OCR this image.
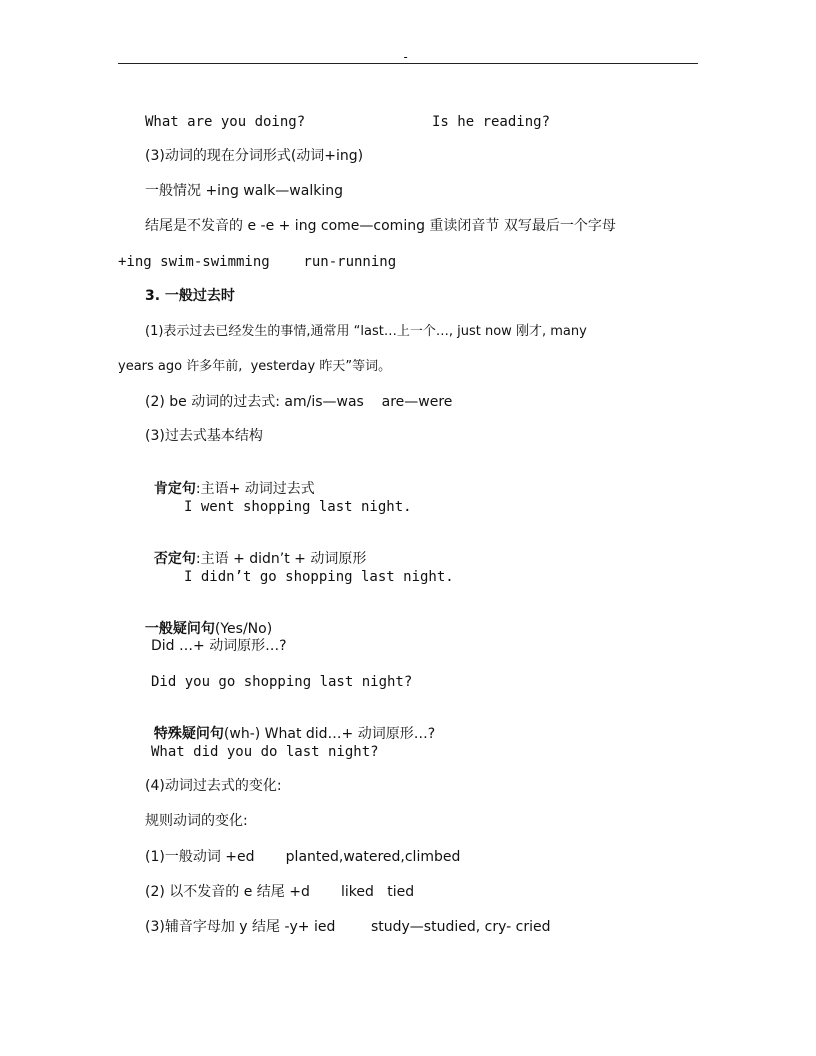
-_
What are you doing?	Is he reading?
(3)动词的现在分词形式(动词+ing)
一般情况 +ing walk—walking
结尾是不发音的 e -e + ing come—coming 重读闭音节 双写最后一个字母
+ing swim-swimming    run-running
3. 一般过去时
(1)表示过去已经发生的事情,通常用 “last…上一个…, just now 刚才, many
years ago 许多年前,  yesterday 昨天”等词。
(2) be 动词的过去式: am/is—was    are—were
(3)过去式基本结构

肯定句:主语+ 动词过去式

I went shopping last night.

否定句:主语 + didn’t + 动词原形

I didn’t go shopping last night.

一般疑问句(Yes/No)

Did …+ 动词原形…?
Did you go shopping last night?

特殊疑问句(wh-) What did…+ 动词原形…?

What did you do last night?
(4)动词过去式的变化:
规则动词的变化:
(1)一般动词 +ed       planted,watered,climbed
(2) 以不发音的 e 结尾 +d       liked   tied
(3)辅音字母加 y 结尾 -y+ ied        study—studied, cry- cried
